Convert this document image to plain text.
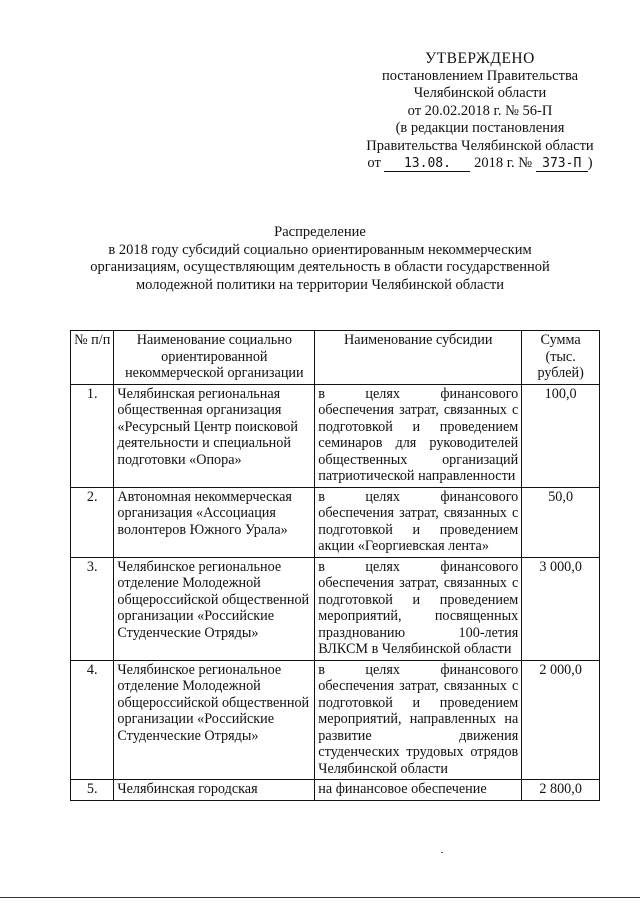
УТВЕРЖДЕНО
постановлением Правительства
Челябинской области
от 20.02.2018 г. № 56-П
(в редакции постановления
Правительства Челябинской области
от 13.08. 2018 г. № 373-П )
Распределение
в 2018 году субсидий социально ориентированным некоммерческим
организациям, осуществляющим деятельность в области государственной
молодежной политики на территории Челябинской области
№ п/п	Наименование социально ориентированной некоммерческой организации	Наименование субсидии	Сумма (тыс. рублей)
1.	Челябинская региональная общественная организация «Ресурсный Центр поисковой деятельности и специальной подготовки «Опора»	в целях финансового обеспечения затрат, связанных с подготовкой и проведением семинаров для руководителей общественных организаций патриотической направленности	100,0
2.	Автономная некоммерческая организация «Ассоциация волонтеров Южного Урала»	в целях финансового обеспечения затрат, связанных с подготовкой и проведением акции «Георгиевская лента»	50,0
3.	Челябинское региональное отделение Молодежной общероссийской общественной организации «Российские Студенческие Отряды»	в целях финансового обеспечения затрат, связанных с подготовкой и проведением мероприятий, посвященных празднованию 100-летия ВЛКСМ в Челябинской области	3 000,0
4.	Челябинское региональное отделение Молодежной общероссийской общественной организации «Российские Студенческие Отряды»	в целях финансового обеспечения затрат, связанных с подготовкой и проведением мероприятий, направленных на развитие движения студенческих трудовых отрядов Челябинской области	2 000,0
5.	Челябинская городская	на финансовое обеспечение	2 800,0
